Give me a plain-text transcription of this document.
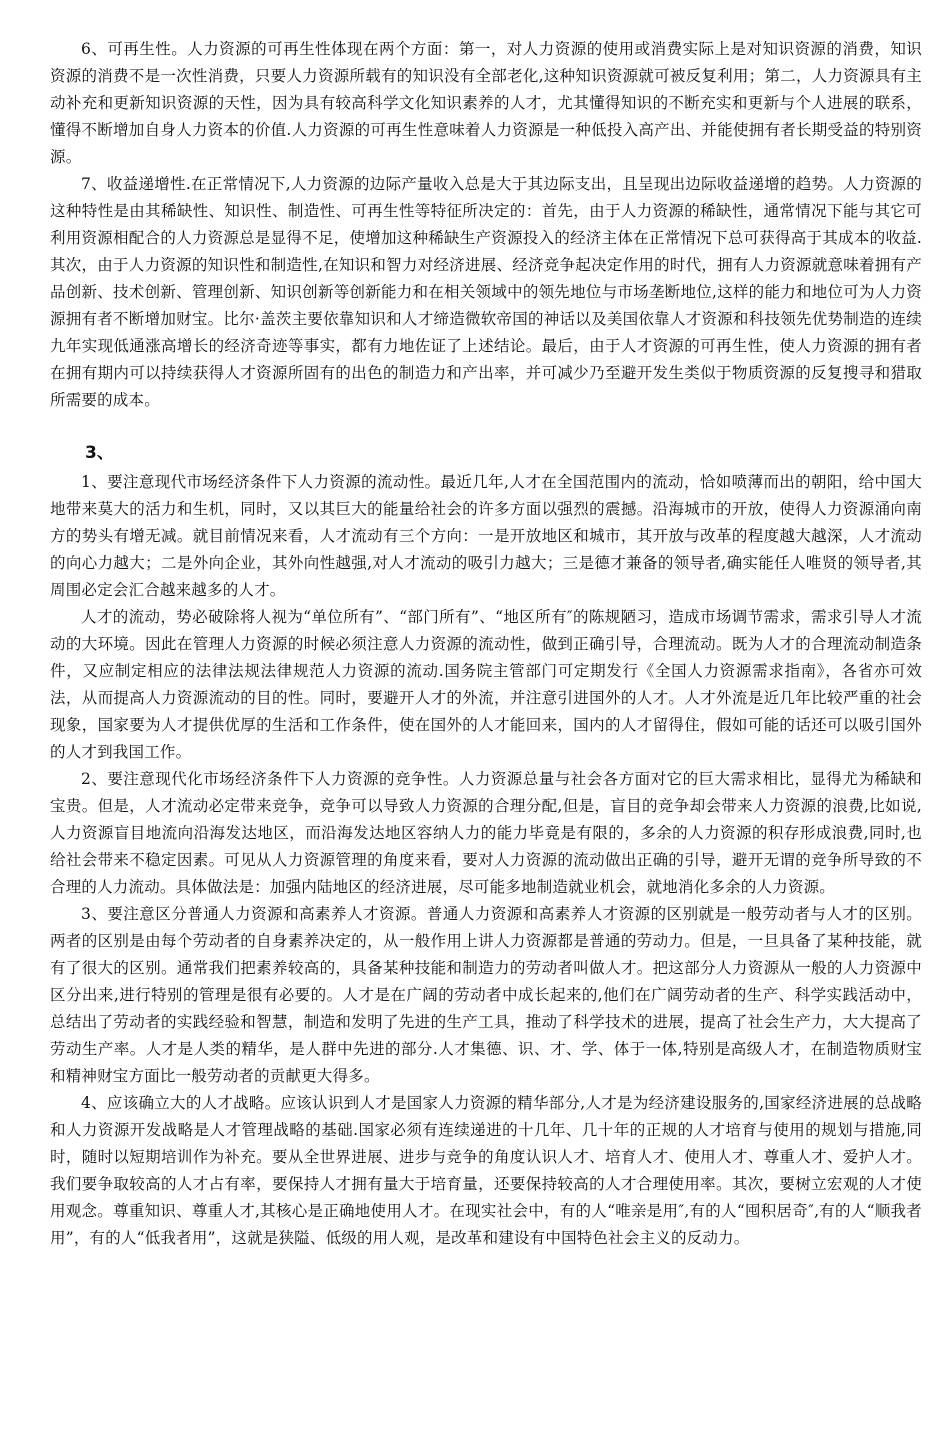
6、可再生性。人力资源的可再生性体现在两个方面：第一，对人力资源的使用或消费实际上是对知识资源的消费，知识资源的消费不是一次性消费，只要人力资源所载有的知识没有全部老化,这种知识资源就可被反复利用；第二，人力资源具有主动补充和更新知识资源的天性，因为具有较高科学文化知识素养的人才，尤其懂得知识的不断充实和更新与个人进展的联系，懂得不断增加自身人力资本的价值.人力资源的可再生性意味着人力资源是一种低投入高产出、并能使拥有者长期受益的特别资源。

7、收益递增性.在正常情况下,人力资源的边际产量收入总是大于其边际支出，且呈现出边际收益递增的趋势。人力资源的这种特性是由其稀缺性、知识性、制造性、可再生性等特征所决定的：首先，由于人力资源的稀缺性，通常情况下能与其它可利用资源相配合的人力资源总是显得不足，使增加这种稀缺生产资源投入的经济主体在正常情况下总可获得高于其成本的收益.其次，由于人力资源的知识性和制造性,在知识和智力对经济进展、经济竞争起决定作用的时代，拥有人力资源就意味着拥有产品创新、技术创新、管理创新、知识创新等创新能力和在相关领域中的领先地位与市场垄断地位,这样的能力和地位可为人力资源拥有者不断增加财宝。比尔·盖茨主要依靠知识和人才缔造微软帝国的神话以及美国依靠人才资源和科技领先优势制造的连续九年实现低通涨高增长的经济奇迹等事实，都有力地佐证了上述结论。最后，由于人才资源的可再生性，使人力资源的拥有者在拥有期内可以持续获得人才资源所固有的出色的制造力和产出率，并可减少乃至避开发生类似于物质资源的反复搜寻和猎取所需要的成本。

3、

1、要注意现代市场经济条件下人力资源的流动性。最近几年,人才在全国范围内的流动，恰如喷薄而出的朝阳，给中国大地带来莫大的活力和生机，同时，又以其巨大的能量给社会的许多方面以强烈的震撼。沿海城市的开放，使得人力资源涌向南方的势头有增无减。就目前情况来看，人才流动有三个方向：一是开放地区和城市，其开放与改革的程度越大越深，人才流动的向心力越大；二是外向企业，其外向性越强,对人才流动的吸引力越大；三是德才兼备的领导者,确实能任人唯贤的领导者,其周围必定会汇合越来越多的人才。

人才的流动，势必破除将人视为“单位所有”、“部门所有”、“地区所有″的陈规陋习，造成市场调节需求，需求引导人才流动的大环境。因此在管理人力资源的时候必须注意人力资源的流动性，做到正确引导，合理流动。既为人才的合理流动制造条件，又应制定相应的法律法规法律规范人力资源的流动.国务院主管部门可定期发行《全国人力资源需求指南》，各省亦可效法，从而提高人力资源流动的目的性。同时，要避开人才的外流，并注意引进国外的人才。人才外流是近几年比较严重的社会现象，国家要为人才提供优厚的生活和工作条件，使在国外的人才能回来，国内的人才留得住，假如可能的话还可以吸引国外的人才到我国工作。

2、要注意现代化市场经济条件下人力资源的竞争性。人力资源总量与社会各方面对它的巨大需求相比，显得尤为稀缺和宝贵。但是，人才流动必定带来竞争，竞争可以导致人力资源的合理分配,但是，盲目的竞争却会带来人力资源的浪费,比如说,人力资源盲目地流向沿海发达地区，而沿海发达地区容纳人力的能力毕竟是有限的，多余的人力资源的积存形成浪费,同时,也给社会带来不稳定因素。可见从人力资源管理的角度来看，要对人力资源的流动做出正确的引导，避开无谓的竞争所导致的不合理的人力流动。具体做法是：加强内陆地区的经济进展，尽可能多地制造就业机会，就地消化多余的人力资源。

3、要注意区分普通人力资源和高素养人才资源。普通人力资源和高素养人才资源的区别就是一般劳动者与人才的区别。两者的区别是由每个劳动者的自身素养决定的，从一般作用上讲人力资源都是普通的劳动力。但是，一旦具备了某种技能，就有了很大的区别。通常我们把素养较高的，具备某种技能和制造力的劳动者叫做人才。把这部分人力资源从一般的人力资源中区分出来,进行特别的管理是很有必要的。人才是在广阔的劳动者中成长起来的,他们在广阔劳动者的生产、科学实践活动中，总结出了劳动者的实践经验和智慧，制造和发明了先进的生产工具，推动了科学技术的进展，提高了社会生产力，大大提高了劳动生产率。人才是人类的精华，是人群中先进的部分.人才集德、识、才、学、体于一体,特别是高级人才，在制造物质财宝和精神财宝方面比一般劳动者的贡献更大得多。

4、应该确立大的人才战略。应该认识到人才是国家人力资源的精华部分,人才是为经济建设服务的,国家经济进展的总战略和人力资源开发战略是人才管理战略的基础.国家必须有连续递进的十几年、几十年的正规的人才培育与使用的规划与措施,同时，随时以短期培训作为补充。要从全世界进展、进步与竞争的角度认识人才、培育人才、使用人才、尊重人才、爱护人才。我们要争取较高的人才占有率，要保持人才拥有量大于培育量，还要保持较高的人才合理使用率。其次，要树立宏观的人才使用观念。尊重知识、尊重人才,其核心是正确地使用人才。在现实社会中，有的人“唯亲是用″,有的人“囤积居奇″,有的人“顺我者用”，有的人“低我者用”，这就是狭隘、低级的用人观，是改革和建设有中国特色社会主义的反动力。
